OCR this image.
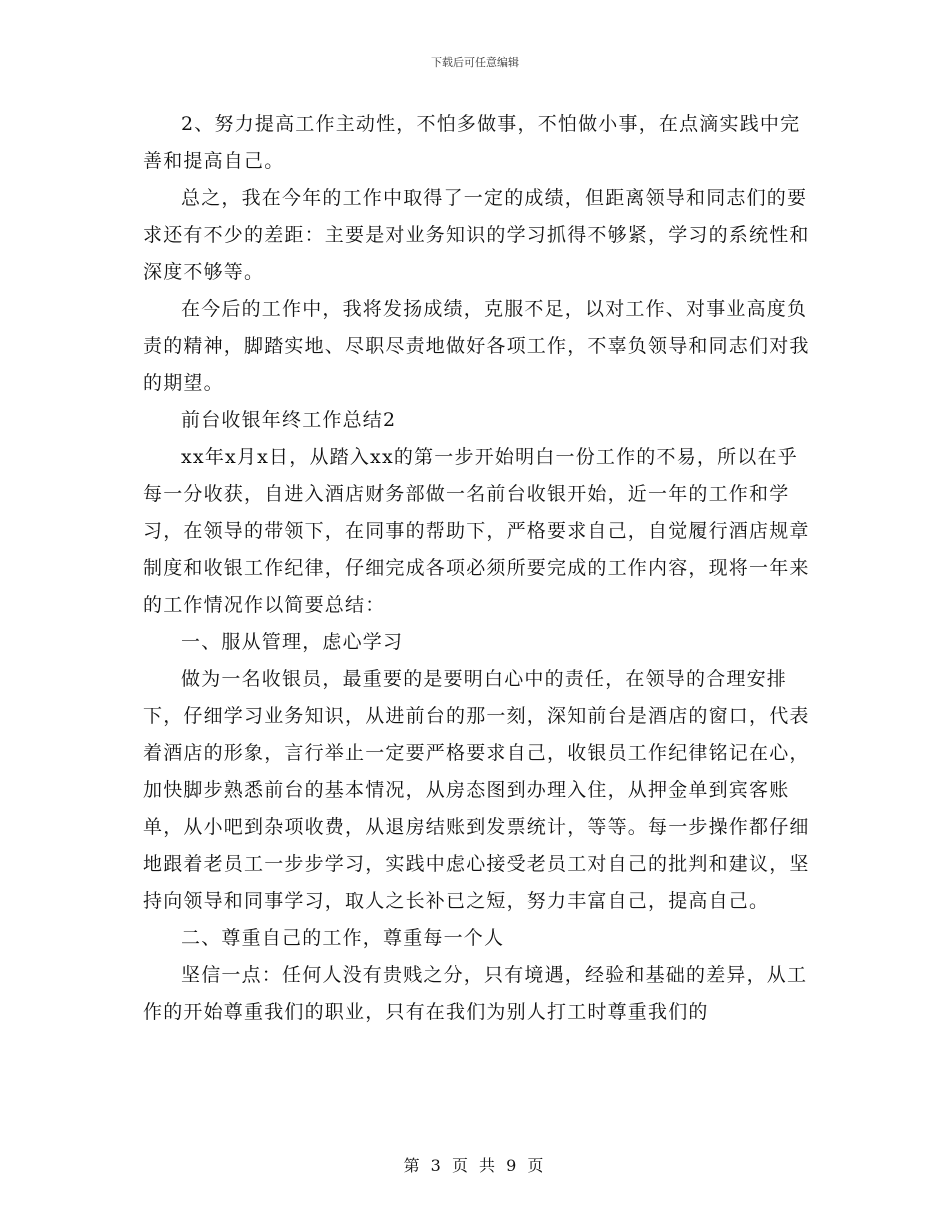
下载后可任意编辑

2、努力提高工作主动性，不怕多做事，不怕做小事，在点滴实践中完善和提高自己。

总之，我在今年的工作中取得了一定的成绩，但距离领导和同志们的要求还有不少的差距：主要是对业务知识的学习抓得不够紧，学习的系统性和深度不够等。

在今后的工作中，我将发扬成绩，克服不足，以对工作、对事业高度负责的精神，脚踏实地、尽职尽责地做好各项工作，不辜负领导和同志们对我的期望。

前台收银年终工作总结2

xx年x月x日，从踏入xx的第一步开始明白一份工作的不易，所以在乎每一分收获，自进入酒店财务部做一名前台收银开始，近一年的工作和学习，在领导的带领下，在同事的帮助下，严格要求自己，自觉履行酒店规章制度和收银工作纪律，仔细完成各项必须所要完成的工作内容，现将一年来的工作情况作以简要总结：

一、服从管理，虑心学习

做为一名收银员，最重要的是要明白心中的责任，在领导的合理安排下，仔细学习业务知识，从进前台的那一刻，深知前台是酒店的窗口，代表着酒店的形象，言行举止一定要严格要求自己，收银员工作纪律铭记在心，加快脚步熟悉前台的基本情况，从房态图到办理入住，从押金单到宾客账单，从小吧到杂项收费，从退房结账到发票统计，等等。每一步操作都仔细地跟着老员工一步步学习，实践中虑心接受老员工对自己的批判和建议，坚持向领导和同事学习，取人之长补已之短，努力丰富自己，提高自己。

二、尊重自己的工作，尊重每一个人

坚信一点：任何人没有贵贱之分，只有境遇，经验和基础的差异，从工作的开始尊重我们的职业，只有在我们为别人打工时尊重我们的

第 3 页 共 9 页
